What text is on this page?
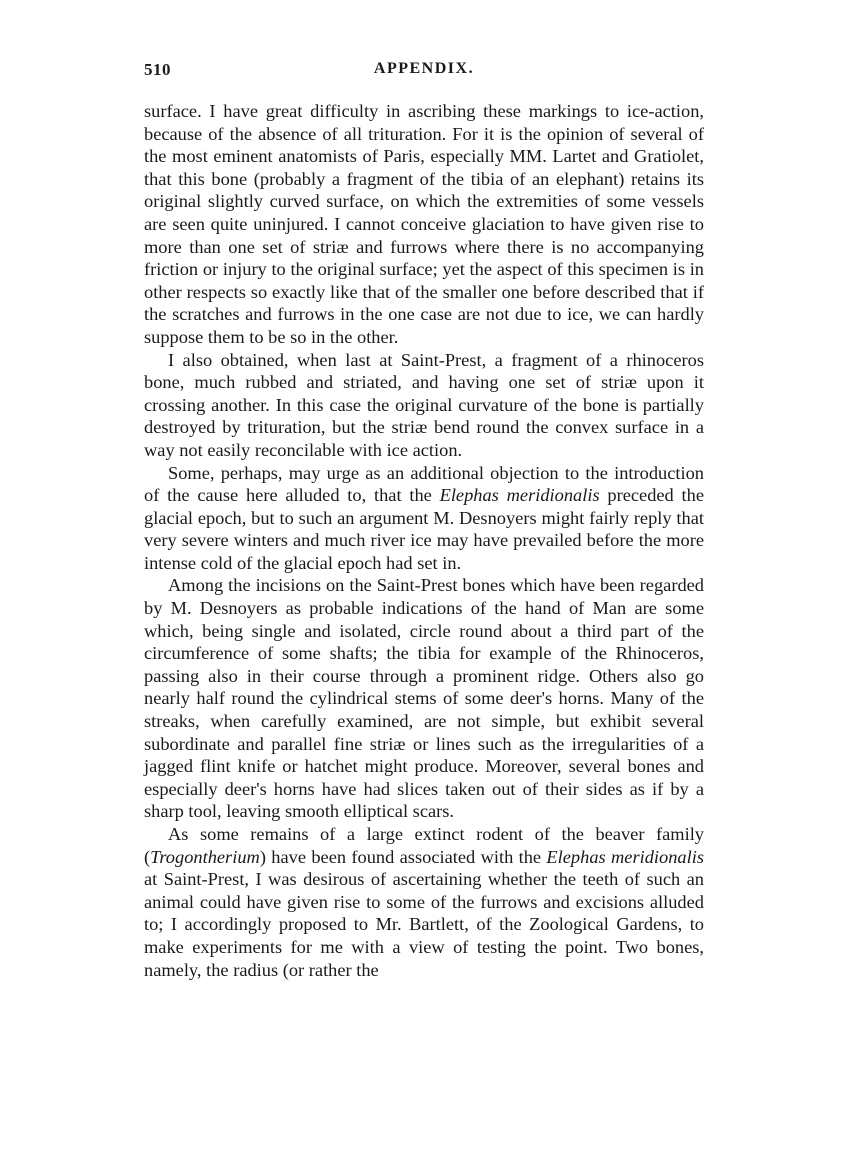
510	APPENDIX.

surface. I have great difficulty in ascribing these markings to ice-action, because of the absence of all trituration. For it is the opinion of several of the most eminent anatomists of Paris, especially MM. Lartet and Gratiolet, that this bone (probably a fragment of the tibia of an elephant) retains its original slightly curved surface, on which the extremities of some vessels are seen quite uninjured. I cannot conceive glaciation to have given rise to more than one set of striæ and furrows where there is no accompanying friction or injury to the original surface; yet the aspect of this specimen is in other respects so exactly like that of the smaller one before described that if the scratches and furrows in the one case are not due to ice, we can hardly suppose them to be so in the other.

I also obtained, when last at Saint-Prest, a fragment of a rhinoceros bone, much rubbed and striated, and having one set of striæ upon it crossing another. In this case the original curvature of the bone is partially destroyed by trituration, but the striæ bend round the convex surface in a way not easily reconcilable with ice action.

Some, perhaps, may urge as an additional objection to the introduction of the cause here alluded to, that the Elephas meridionalis preceded the glacial epoch, but to such an argument M. Desnoyers might fairly reply that very severe winters and much river ice may have prevailed before the more intense cold of the glacial epoch had set in.

Among the incisions on the Saint-Prest bones which have been regarded by M. Desnoyers as probable indications of the hand of Man are some which, being single and isolated, circle round about a third part of the circumference of some shafts; the tibia for example of the Rhinoceros, passing also in their course through a prominent ridge. Others also go nearly half round the cylindrical stems of some deer's horns. Many of the streaks, when carefully examined, are not simple, but exhibit several subordinate and parallel fine striæ or lines such as the irregularities of a jagged flint knife or hatchet might produce. Moreover, several bones and especially deer's horns have had slices taken out of their sides as if by a sharp tool, leaving smooth elliptical scars.

As some remains of a large extinct rodent of the beaver family (Trogontherium) have been found associated with the Elephas meridionalis at Saint-Prest, I was desirous of ascertaining whether the teeth of such an animal could have given rise to some of the furrows and excisions alluded to; I accordingly proposed to Mr. Bartlett, of the Zoological Gardens, to make experiments for me with a view of testing the point. Two bones, namely, the radius (or rather the
